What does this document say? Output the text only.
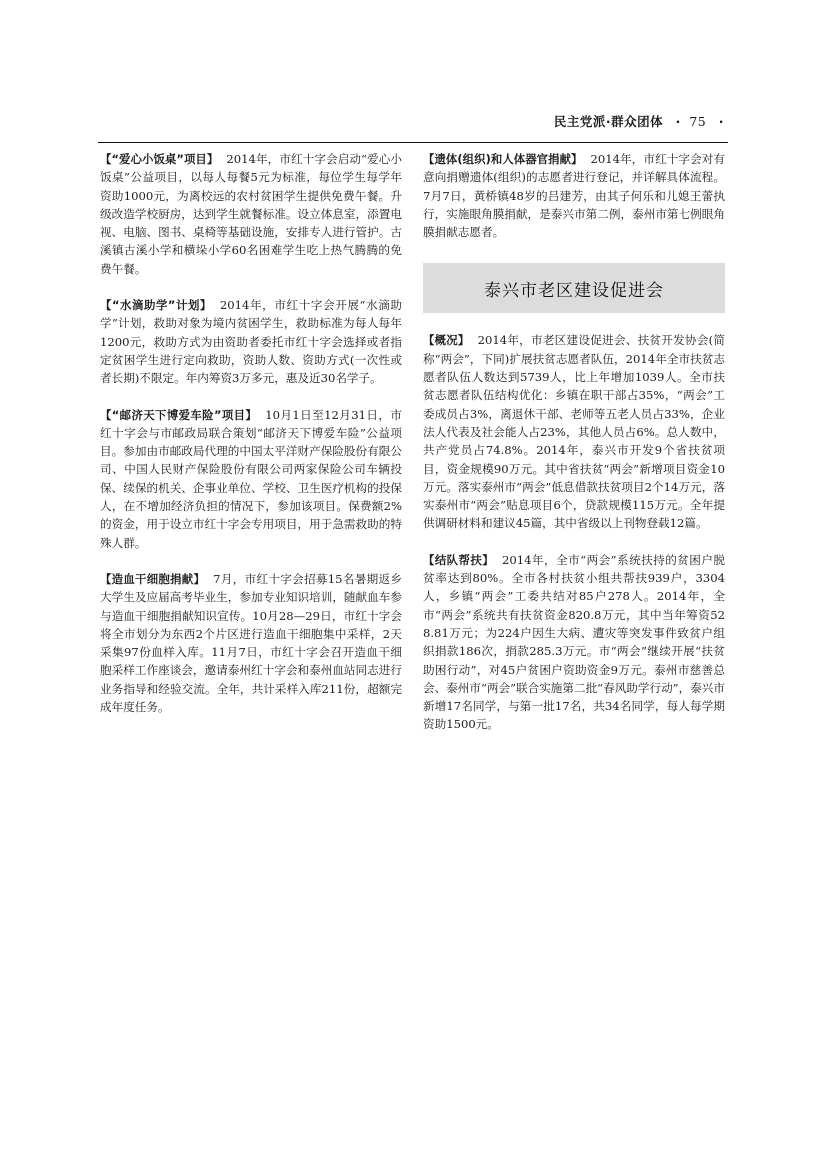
民主党派·群众团体 · 75 ·

【“爱心小饭桌”项目】 2014年，市红十字会启动“爱心小饭桌”公益项目，以每人每餐5元为标准，每位学生每学年资助1000元，为离校远的农村贫困学生提供免费午餐。升级改造学校厨房，达到学生就餐标准。设立体息室，添置电视、电脑、图书、桌椅等基础设施，安排专人进行管护。古溪镇古溪小学和横垛小学60名困难学生吃上热气腾腾的免费午餐。

【“水滴助学”计划】 2014年，市红十字会开展“水滴助学”计划，救助对象为境内贫困学生，救助标准为每人每年1200元，救助方式为由资助者委托市红十字会选择或者指定贫困学生进行定向救助，资助人数、资助方式(一次性或者长期)不限定。年内筹资3万多元，惠及近30名学子。

【“邮济天下博爱车险”项目】 10月1日至12月31日，市红十字会与市邮政局联合策划“邮济天下博爱车险”公益项目。参加由市邮政局代理的中国太平洋财产保险股份有限公司、中国人民财产保险股份有限公司两家保险公司车辆投保、续保的机关、企事业单位、学校、卫生医疗机构的投保人，在不增加经济负担的情况下，参加该项目。保费额2%的资金，用于设立市红十字会专用项目，用于急需救助的特殊人群。

【造血干细胞捐献】 7月，市红十字会招募15名暑期返乡大学生及应届高考毕业生，参加专业知识培训，随献血车参与造血干细胞捐献知识宣传。10月28—29日，市红十字会将全市划分为东西2个片区进行造血干细胞集中采样，2天采集97份血样入库。11月7日，市红十字会召开造血干细胞采样工作座谈会，邀请泰州红十字会和泰州血站同志进行业务指导和经验交流。全年，共计采样入库211份，超额完成年度任务。

【遗体(组织)和人体器官捐献】 2014年，市红十字会对有意向捐赠遗体(组织)的志愿者进行登记，并详解具体流程。7月7日，黄桥镇48岁的吕建芳，由其子何乐和儿媳王蕾执行，实施眼角膜捐献，是泰兴市第二例，泰州市第七例眼角膜捐献志愿者。

泰兴市老区建设促进会

【概况】 2014年，市老区建设促进会、扶贫开发协会(简称“两会”，下同)扩展扶贫志愿者队伍，2014年全市扶贫志愿者队伍人数达到5739人，比上年增加1039人。全市扶贫志愿者队伍结构优化：乡镇在职干部占35%，“两会”工委成员占3%，离退休干部、老师等五老人员占33%，企业法人代表及社会能人占23%，其他人员占6%。总人数中，共产党员占74.8%。2014年，泰兴市开发9个省扶贫项目，资金规模90万元。其中省扶贫“两会”新增项目资金10万元。落实泰州市“两会”低息借款扶贫项目2个14万元，落实泰州市“两会”贴息项目6个，贷款规模115万元。全年提供调研材料和建议45篇，其中省级以上刊物登载12篇。

【结队帮扶】 2014年，全市“两会”系统扶持的贫困户脱贫率达到80%。全市各村扶贫小组共帮扶939户，3304人，乡镇“两会”工委共结对85户278人。2014年，全市“两会”系统共有扶贫资金820.8万元，其中当年筹资528.81万元；为224户因生大病、遭灾等突发事件致贫户组织捐款186次，捐款285.3万元。市“两会”继续开展“扶贫助困行动”，对45户贫困户资助资金9万元。泰州市慈善总会、泰州市“两会”联合实施第二批“春风助学行动”，泰兴市新增17名同学，与第一批17名，共34名同学，每人每学期资助1500元。
